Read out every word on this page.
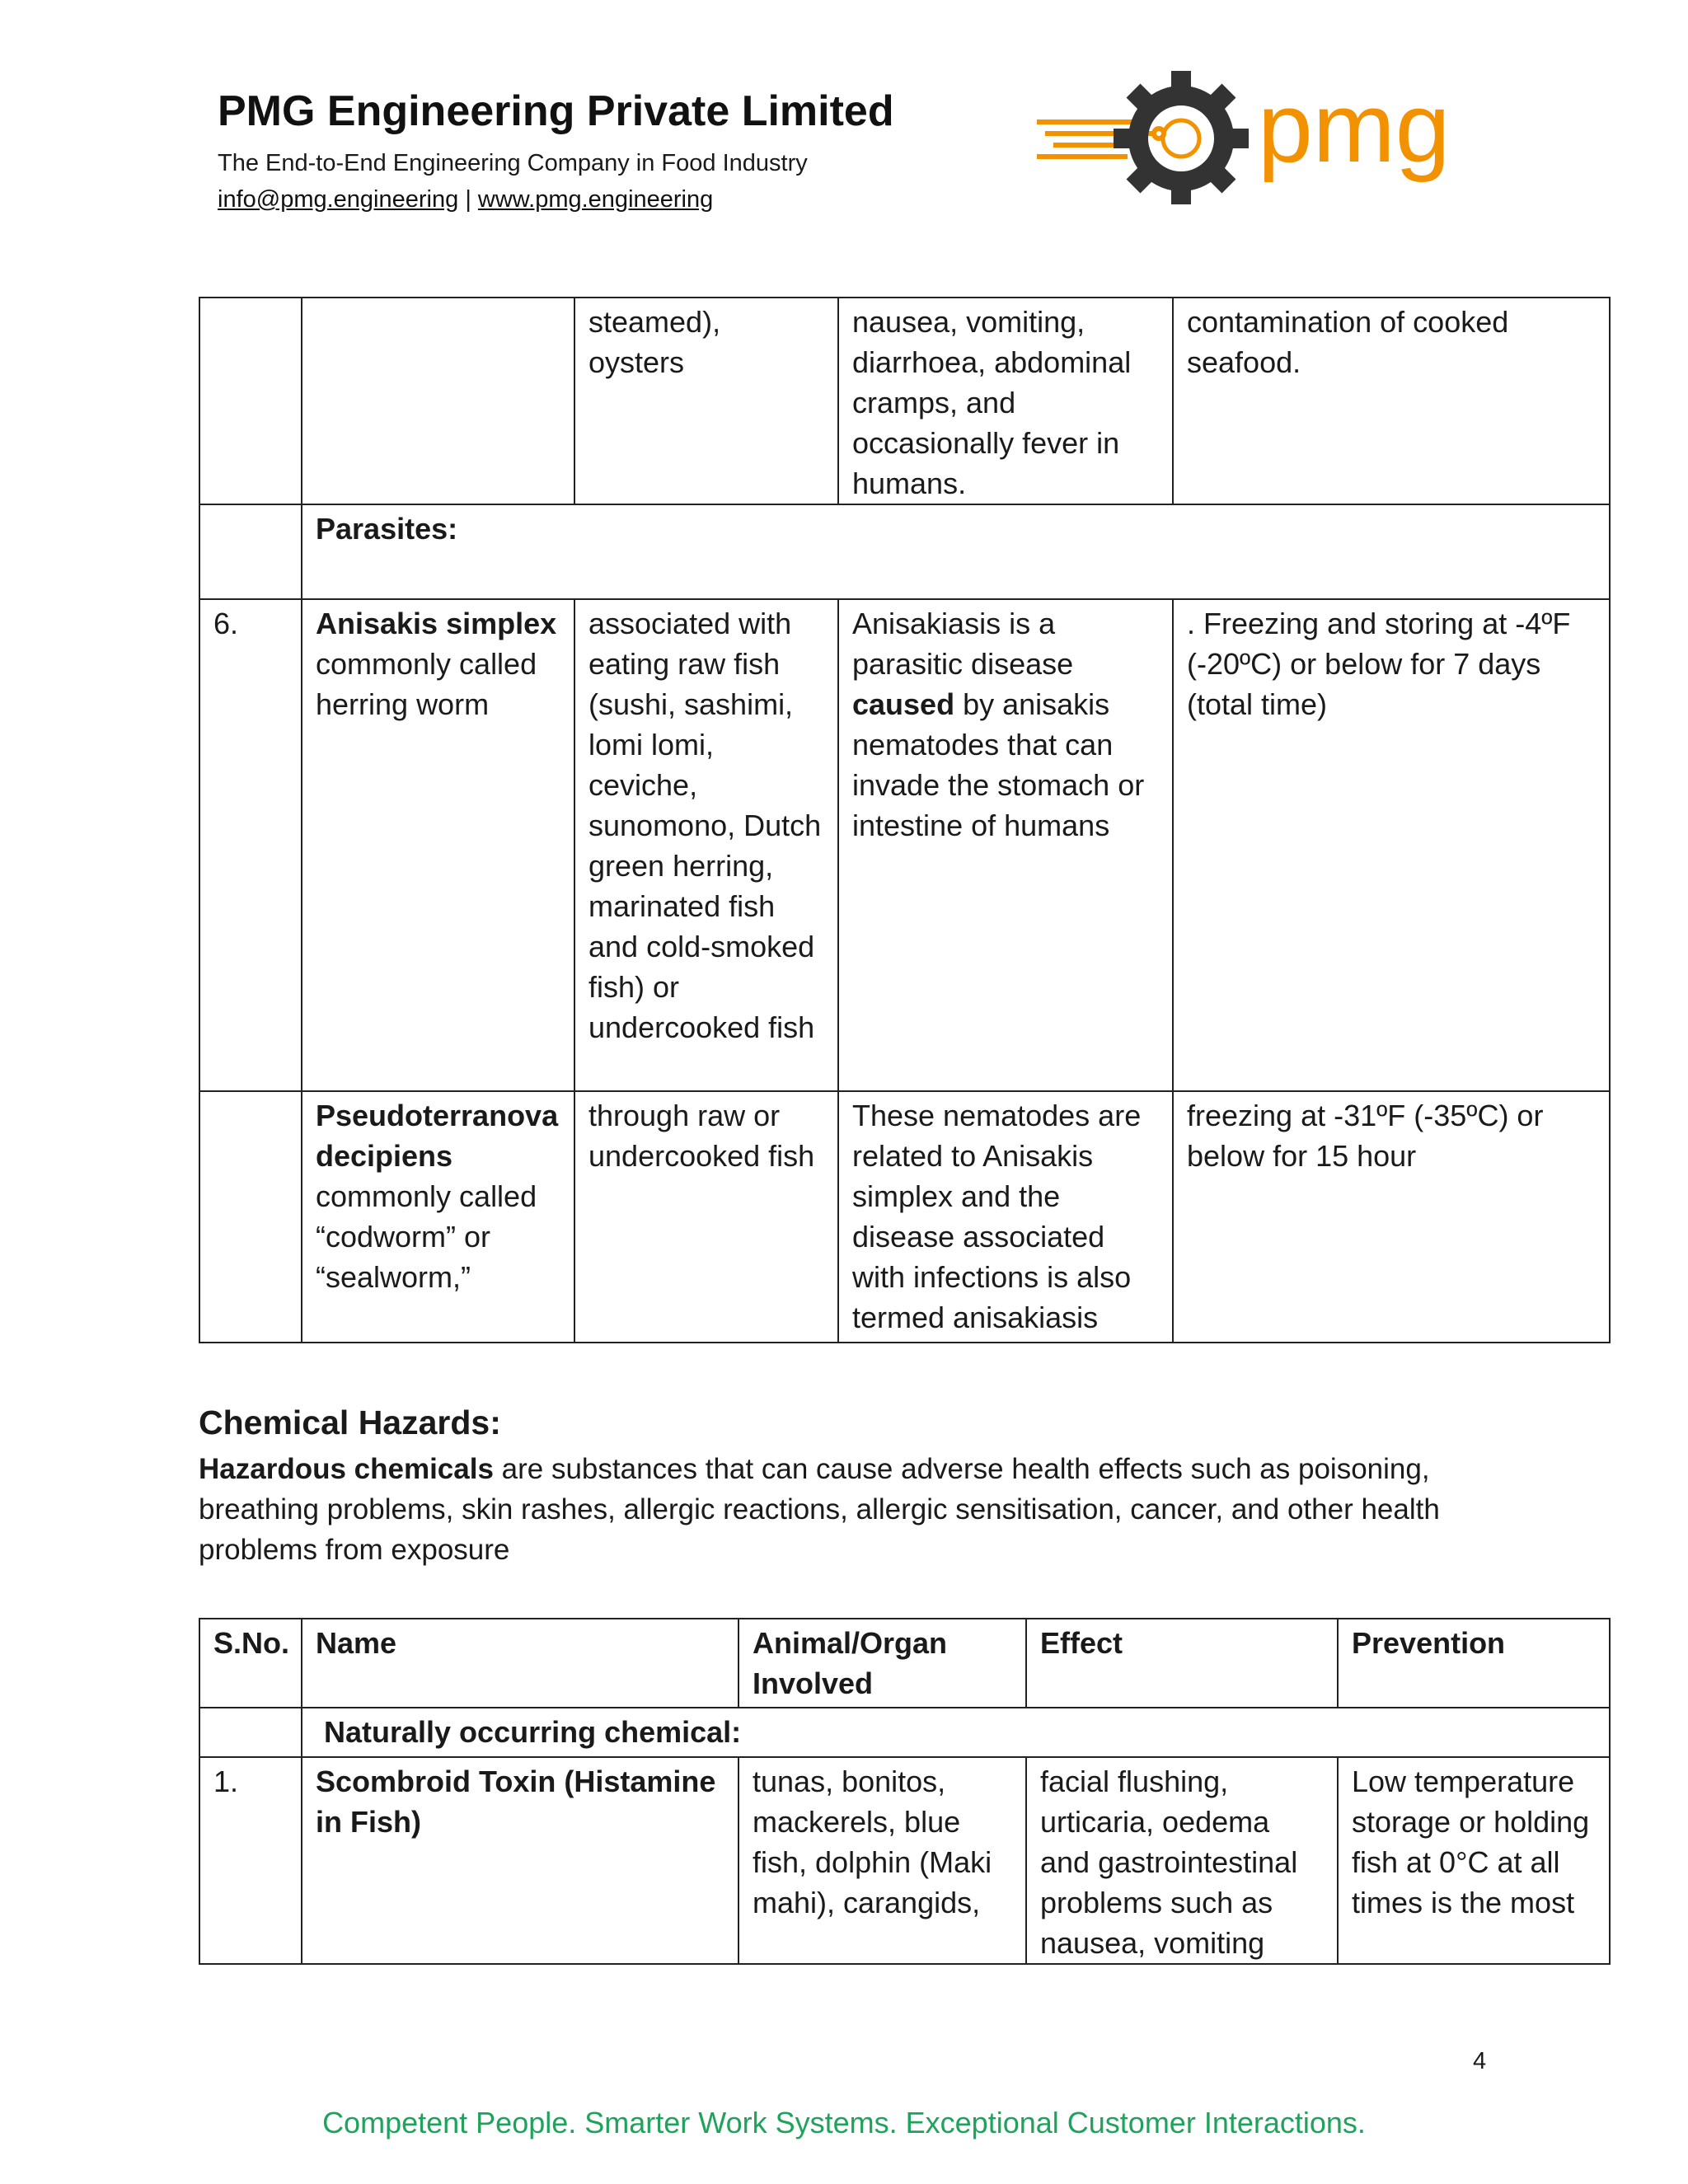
PMG Engineering Private Limited
The End-to-End Engineering Company in Food Industry
info@pmg.engineering | www.pmg.engineering
pmg
		steamed), oysters	nausea, vomiting, diarrhoea, abdominal cramps, and occasionally fever in humans.	contamination of cooked seafood.
	Parasites:			
6.	Anisakis simplex commonly called herring worm	associated with eating raw fish (sushi, sashimi, lomi lomi, ceviche, sunomono, Dutch green herring, marinated fish and cold-smoked fish) or undercooked fish	Anisakiasis is a parasitic disease caused by anisakis nematodes that can invade the stomach or intestine of humans	. Freezing and storing at -4ºF (-20ºC) or below for 7 days (total time)
	Pseudoterranova decipiens commonly called “codworm” or “sealworm,”	through raw or undercooked fish	These nematodes are related to Anisakis simplex and the disease associated with infections is also termed anisakiasis	freezing at -31ºF (-35ºC) or below for 15 hour
Chemical Hazards:
Hazardous chemicals are substances that can cause adverse health effects such as poisoning, breathing problems, skin rashes, allergic reactions, allergic sensitisation, cancer, and other health problems from exposure
S.No.	Name	Animal/Organ Involved	Effect	Prevention
	Naturally occurring chemical:			
1.	Scombroid Toxin (Histamine in Fish)	tunas, bonitos, mackerels, blue fish, dolphin (Maki mahi), carangids,	facial flushing, urticaria, oedema and gastrointestinal problems such as nausea, vomiting	Low temperature storage or holding fish at 0°C at all times is the most
4
Competent People. Smarter Work Systems. Exceptional Customer Interactions.
